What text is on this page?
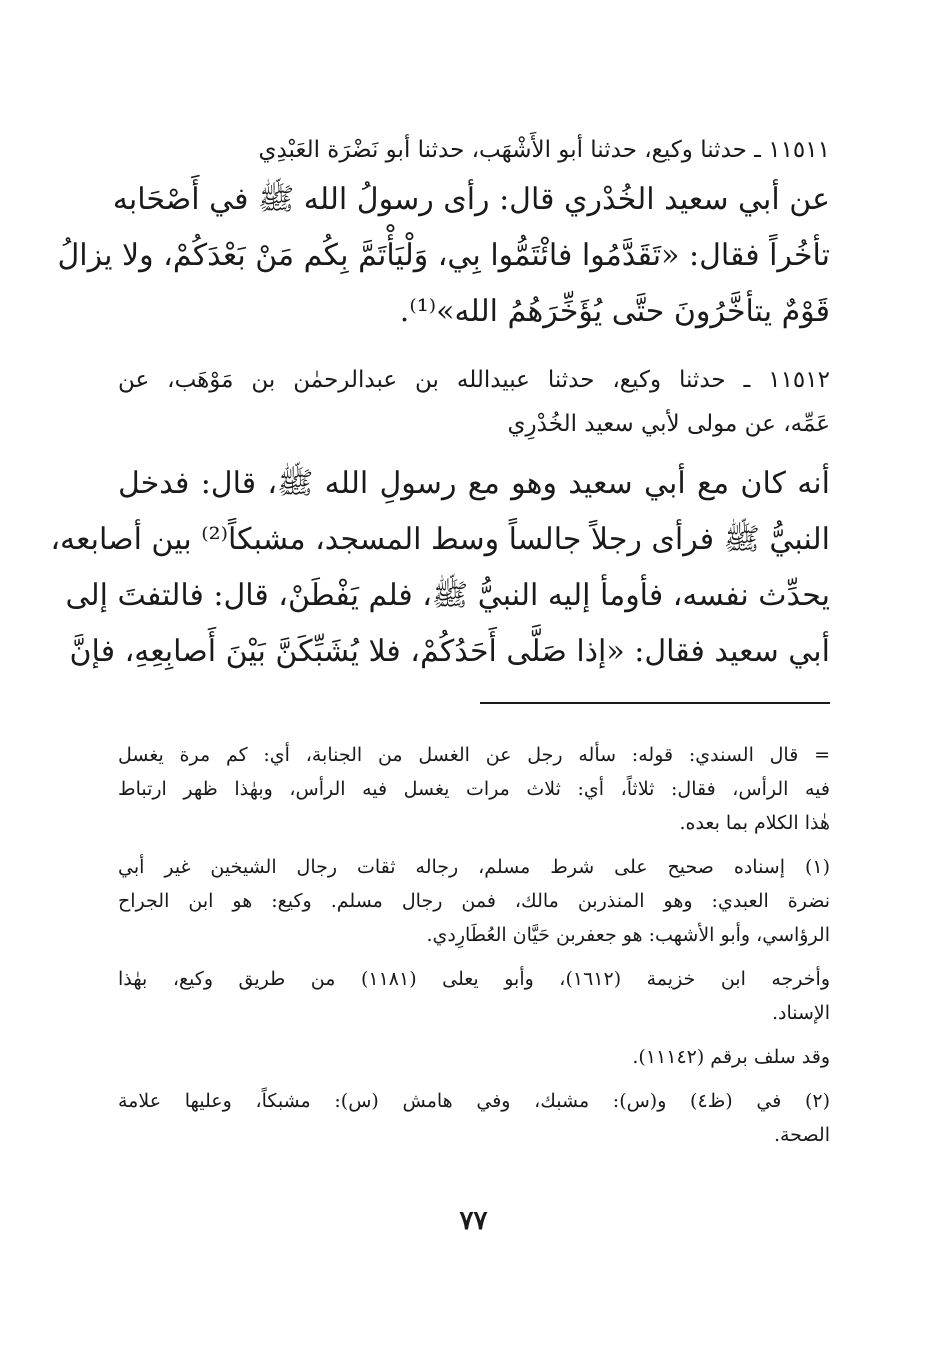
١١٥١١ ـ حدثنا وكيع، حدثنا أبو الأَشْهَب، حدثنا أبو نَضْرَة العَبْدِي
عن أبي سعيد الخُدْري قال: رأى رسولُ الله ﷺ في أَصْحَابه
تأخُراً فقال: «تَقَدَّمُوا فائْتَمُّوا بِي، وَلْيَأْتَمَّ بِكُم مَنْ بَعْدَكُمْ، ولا يزالُ
قَوْمٌ يتأخَّرُونَ حتَّى يُؤَخِّرَهُمُ الله»⁽¹⁾.
١١٥١٢ ـ حدثنا وكيع، حدثنا عبيدالله بن عبدالرحمٰن بن مَوْهَب، عن
عَمِّه، عن مولى لأبي سعيد الخُدْرِي
أنه كان مع أبي سعيد وهو مع رسولِ الله ﷺ، قال: فدخل
النبيُّ ﷺ فرأى رجلاً جالساً وسط المسجد، مشبكاً⁽²⁾ بين أصابعه،
يحدِّث نفسه، فأومأ إليه النبيُّ ﷺ، فلم يَفْطَنْ، قال: فالتفتَ إلى
أبي سعيد فقال: «إذا صَلَّى أَحَدُكُمْ، فلا يُشَبِّكَنَّ بَيْنَ أَصابِعِهِ، فإنَّ
= قال السندي: قوله: سأله رجل عن الغسل من الجنابة، أي: كم مرة يغسل
فيه الرأس، فقال: ثلاثاً، أي: ثلاث مرات يغسل فيه الرأس، وبهٰذا ظهر ارتباط
هٰذا الكلام بما بعده.
(١) إسناده صحيح على شرط مسلم، رجاله ثقات رجال الشيخين غير أبي
نضرة العبدي: وهو المنذربن مالك، فمن رجال مسلم. وكيع: هو ابن الجراح
الرؤاسي، وأبو الأشهب: هو جعفربن حَيَّان العُطَارِدي.
وأخرجه ابن خزيمة (١٦١٢)، وأبو يعلى (١١٨١) من طريق وكيع، بهٰذا
الإسناد.
وقد سلف برقم (١١١٤٢).
(٢) في (ظ٤) و(س): مشبك، وفي هامش (س): مشبكاً، وعليها علامة
الصحة.
٧٧
